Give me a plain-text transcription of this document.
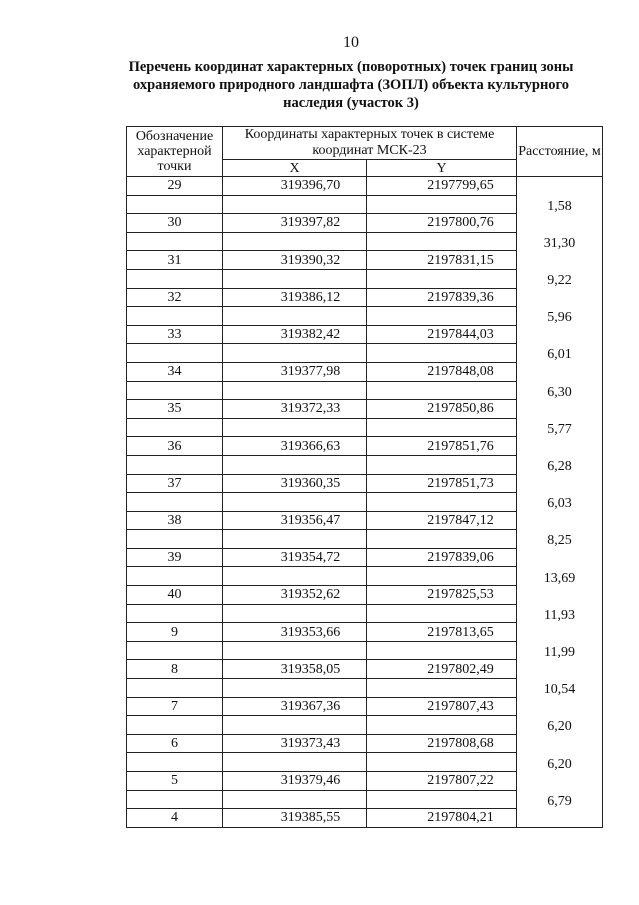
10
Перечень координат характерных (поворотных) точек границ зоны
охраняемого природного ландшафта (ЗОПЛ) объекта культурного
наследия (участок 3)
Обозначение характерной точки	Координаты характерных точек в системе координат МСК-23		Расстояние, м
	X	Y	
29	319396,70	2197799,65	
			1,58
30	319397,82	2197800,76	
			31,30
31	319390,32	2197831,15	
			9,22
32	319386,12	2197839,36	
			5,96
33	319382,42	2197844,03	
			6,01
34	319377,98	2197848,08	
			6,30
35	319372,33	2197850,86	
			5,77
36	319366,63	2197851,76	
			6,28
37	319360,35	2197851,73	
			6,03
38	319356,47	2197847,12	
			8,25
39	319354,72	2197839,06	
			13,69
40	319352,62	2197825,53	
			11,93
9	319353,66	2197813,65	
			11,99
8	319358,05	2197802,49	
			10,54
7	319367,36	2197807,43	
			6,20
6	319373,43	2197808,68	
			6,20
5	319379,46	2197807,22	
			6,79
4	319385,55	2197804,21	
